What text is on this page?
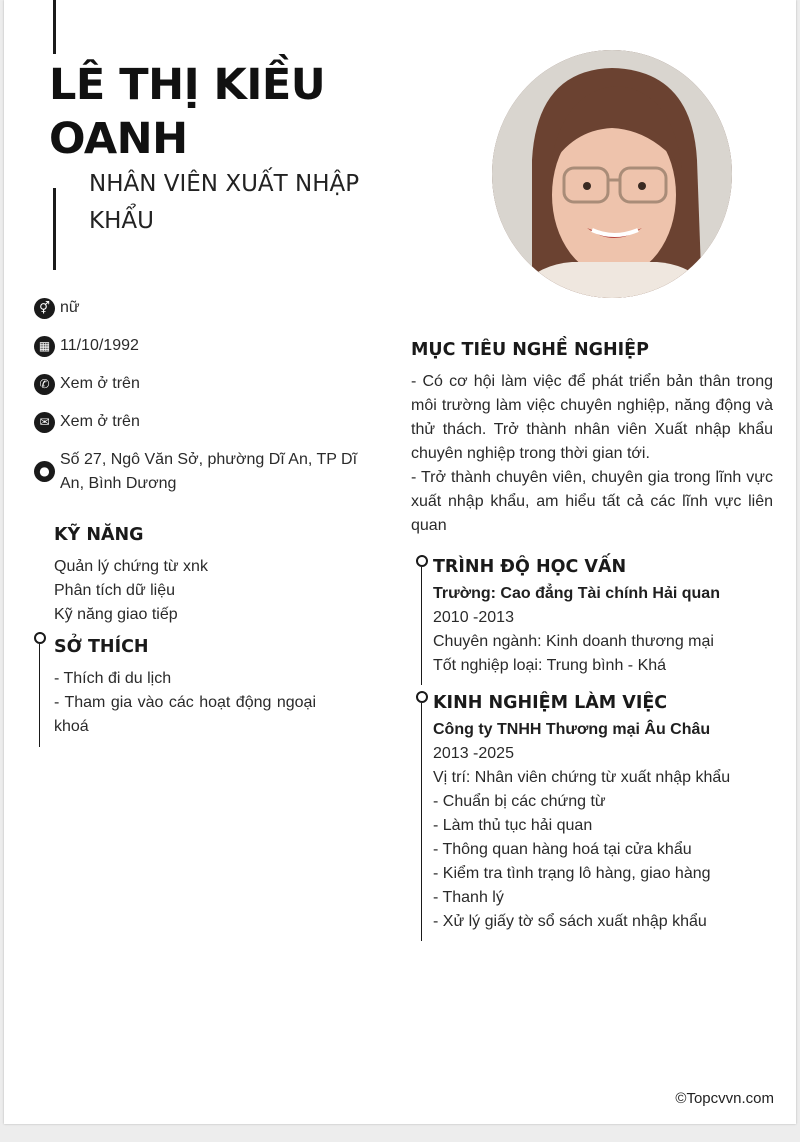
LÊ THỊ KIỀU OANH
NHÂN VIÊN XUẤT NHẬP KHẨU
⚥ nữ
▦ 11/10/1992
✆ Xem ở trên
✉ Xem ở trên
●
Số 27, Ngô Văn Sở, phường Dĩ An, TP Dĩ An, Bình Dương
KỸ NĂNG
Quản lý chứng từ xnk
Phân tích dữ liệu
Kỹ năng giao tiếp
SỞ THÍCH
- Thích đi du lịch
- Tham gia vào các hoạt động ngoại khoá
MỤC TIÊU NGHỀ NGHIỆP
- Có cơ hội làm việc để phát triển bản thân trong môi trường làm việc chuyên nghiệp, năng động và thử thách. Trở thành nhân viên Xuất nhập khẩu chuyên nghiệp trong thời gian tới.
- Trở thành chuyên viên, chuyên gia trong lĩnh vực xuất nhập khẩu, am hiểu tất cả các lĩnh vực liên quan
TRÌNH ĐỘ HỌC VẤN
Trường: Cao đẳng Tài chính Hải quan
2010 -2013
Chuyên ngành: Kinh doanh thương mại
Tốt nghiệp loại: Trung bình - Khá
KINH NGHIỆM LÀM VIỆC
Công ty TNHH Thương mại Âu Châu
2013 -2025
Vị trí: Nhân viên chứng từ xuất nhập khẩu
- Chuẩn bị các chứng từ
- Làm thủ tục hải quan
- Thông quan hàng hoá tại cửa khẩu
- Kiểm tra tình trạng lô hàng, giao hàng
- Thanh lý
- Xử lý giấy tờ sổ sách xuất nhập khẩu
©Topcvvn.com
